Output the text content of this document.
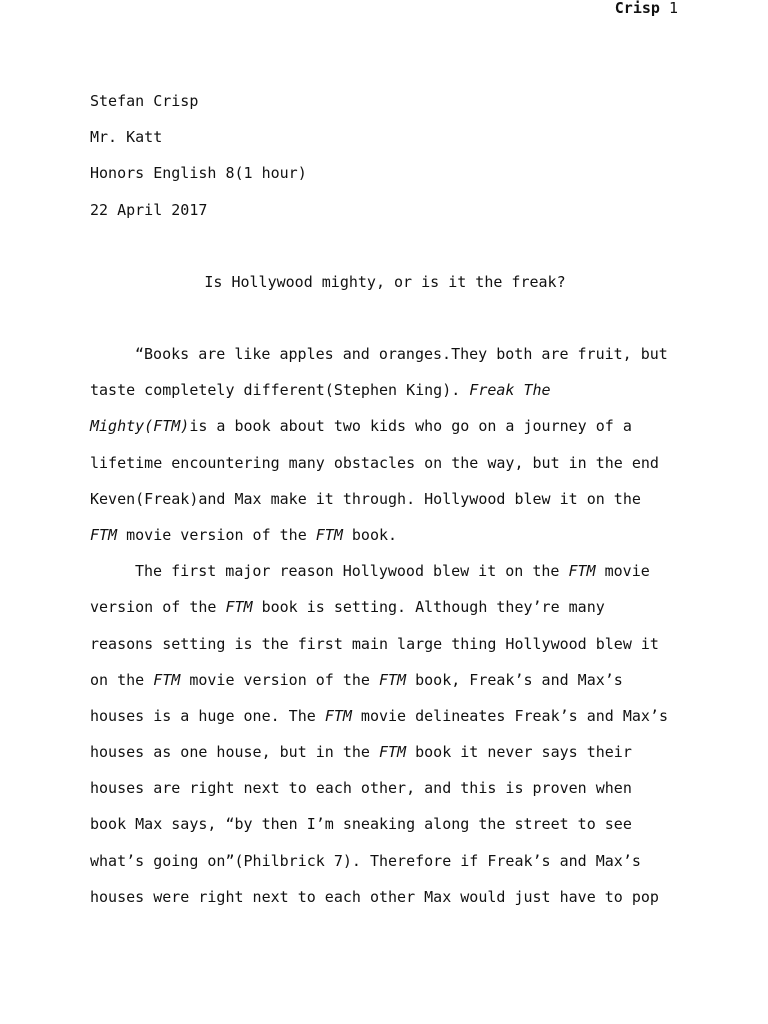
Crisp 1
Stefan Crisp
Mr. Katt
Honors English 8(1 hour)
22 April 2017
Is Hollywood mighty, or is it the freak?
“Books are like apples and oranges.They both are fruit, but
taste completely different(Stephen King). Freak The
Mighty(FTM)is a book about two kids who go on a journey of a
lifetime encountering many obstacles on the way, but in the end
Keven(Freak)and Max make it through. Hollywood blew it on the
FTM movie version of the FTM book.
The first major reason Hollywood blew it on the FTM movie
version of the FTM book is setting. Although they’re many
reasons setting is the first main large thing Hollywood blew it
on the FTM movie version of the FTM book, Freak’s and Max’s
houses is a huge one. The FTM movie delineates Freak’s and Max’s
houses as one house, but in the FTM book it never says their
houses are right next to each other, and this is proven when
book Max says, “by then I’m sneaking along the street to see
what’s going on”(Philbrick 7). Therefore if Freak’s and Max’s
houses were right next to each other Max would just have to pop
